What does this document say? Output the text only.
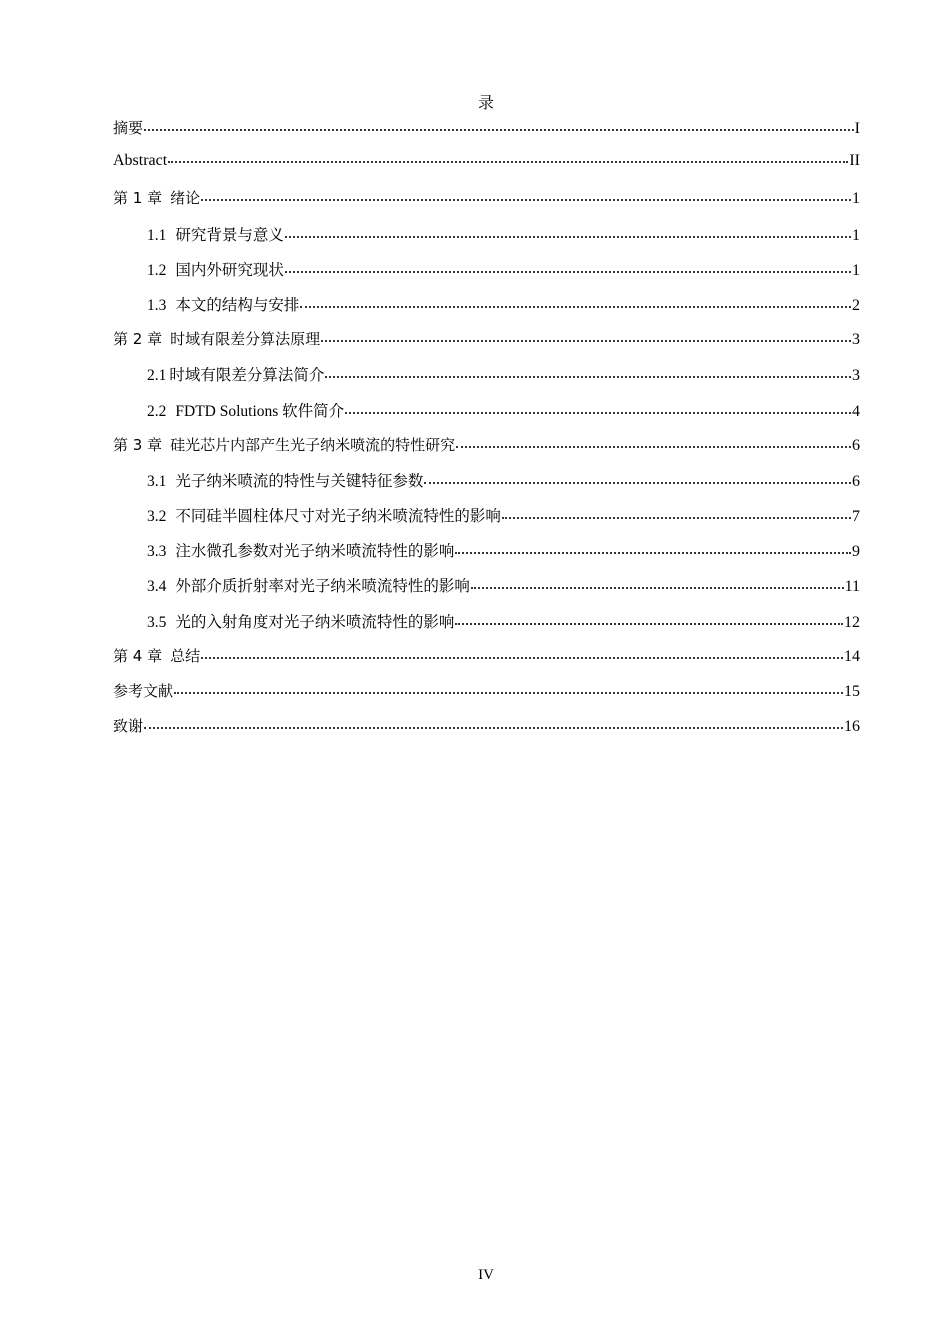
录
摘要	I
Abstract	II
第 1 章 绪论	1
1.1 研究背景与意义	1
1.2 国内外研究现状	1
1.3 本文的结构与安排	2
第 2 章 时域有限差分算法原理	3
2.1 时域有限差分算法简介	3
2.2 FDTD Solutions 软件简介	4
第 3 章 硅光芯片内部产生光子纳米喷流的特性研究	6
3.1 光子纳米喷流的特性与关键特征参数	6
3.2 不同硅半圆柱体尺寸对光子纳米喷流特性的影响	7
3.3 注水微孔参数对光子纳米喷流特性的影响	9
3.4 外部介质折射率对光子纳米喷流特性的影响	11
3.5 光的入射角度对光子纳米喷流特性的影响	12
第 4 章 总结	14
参考文献	15
致谢	16
IV
